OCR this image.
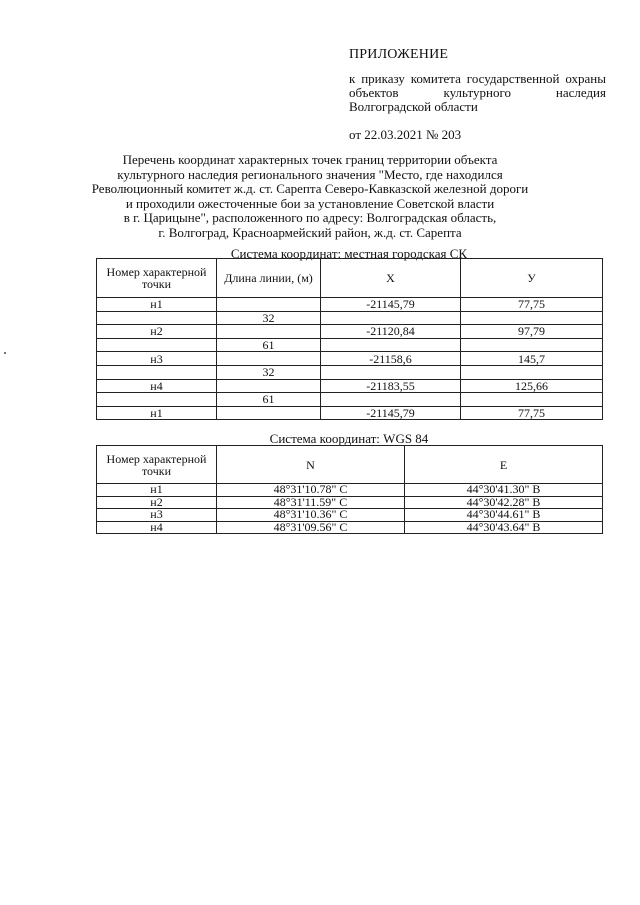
ПРИЛОЖЕНИЕ
к приказу комитета государственной охраны объектов культурного наследия Волгоградской области
от 22.03.2021 № 203
Перечень координат характерных точек границ территории объекта
культурного наследия регионального значения "Место, где находился
Революционный комитет ж.д. ст. Сарепта Северо-Кавказской железной дороги
и проходили ожесточенные бои за установление Советской власти
в г. Царицыне", расположенного по адресу: Волгоградская область,
г. Волгоград, Красноармейский район, ж.д. ст. Сарепта
Система координат: местная городская СК
Номер характерной точки	Длина линии, (м)	X	У
н1		-21145,79	77,75
	32		
н2		-21120,84	97,79
	61		
н3		-21158,6	145,7
	32		
н4		-21183,55	125,66
	61		
н1		-21145,79	77,75
Система координат: WGS 84
Номер характерной точки	N	E
н1	48°31'10.78" С	44°30'41.30" В
н2	48°31'11.59" С	44°30'42.28" В
н3	48°31'10.36" С	44°30'44.61" В
н4	48°31'09.56" С	44°30'43.64" В
